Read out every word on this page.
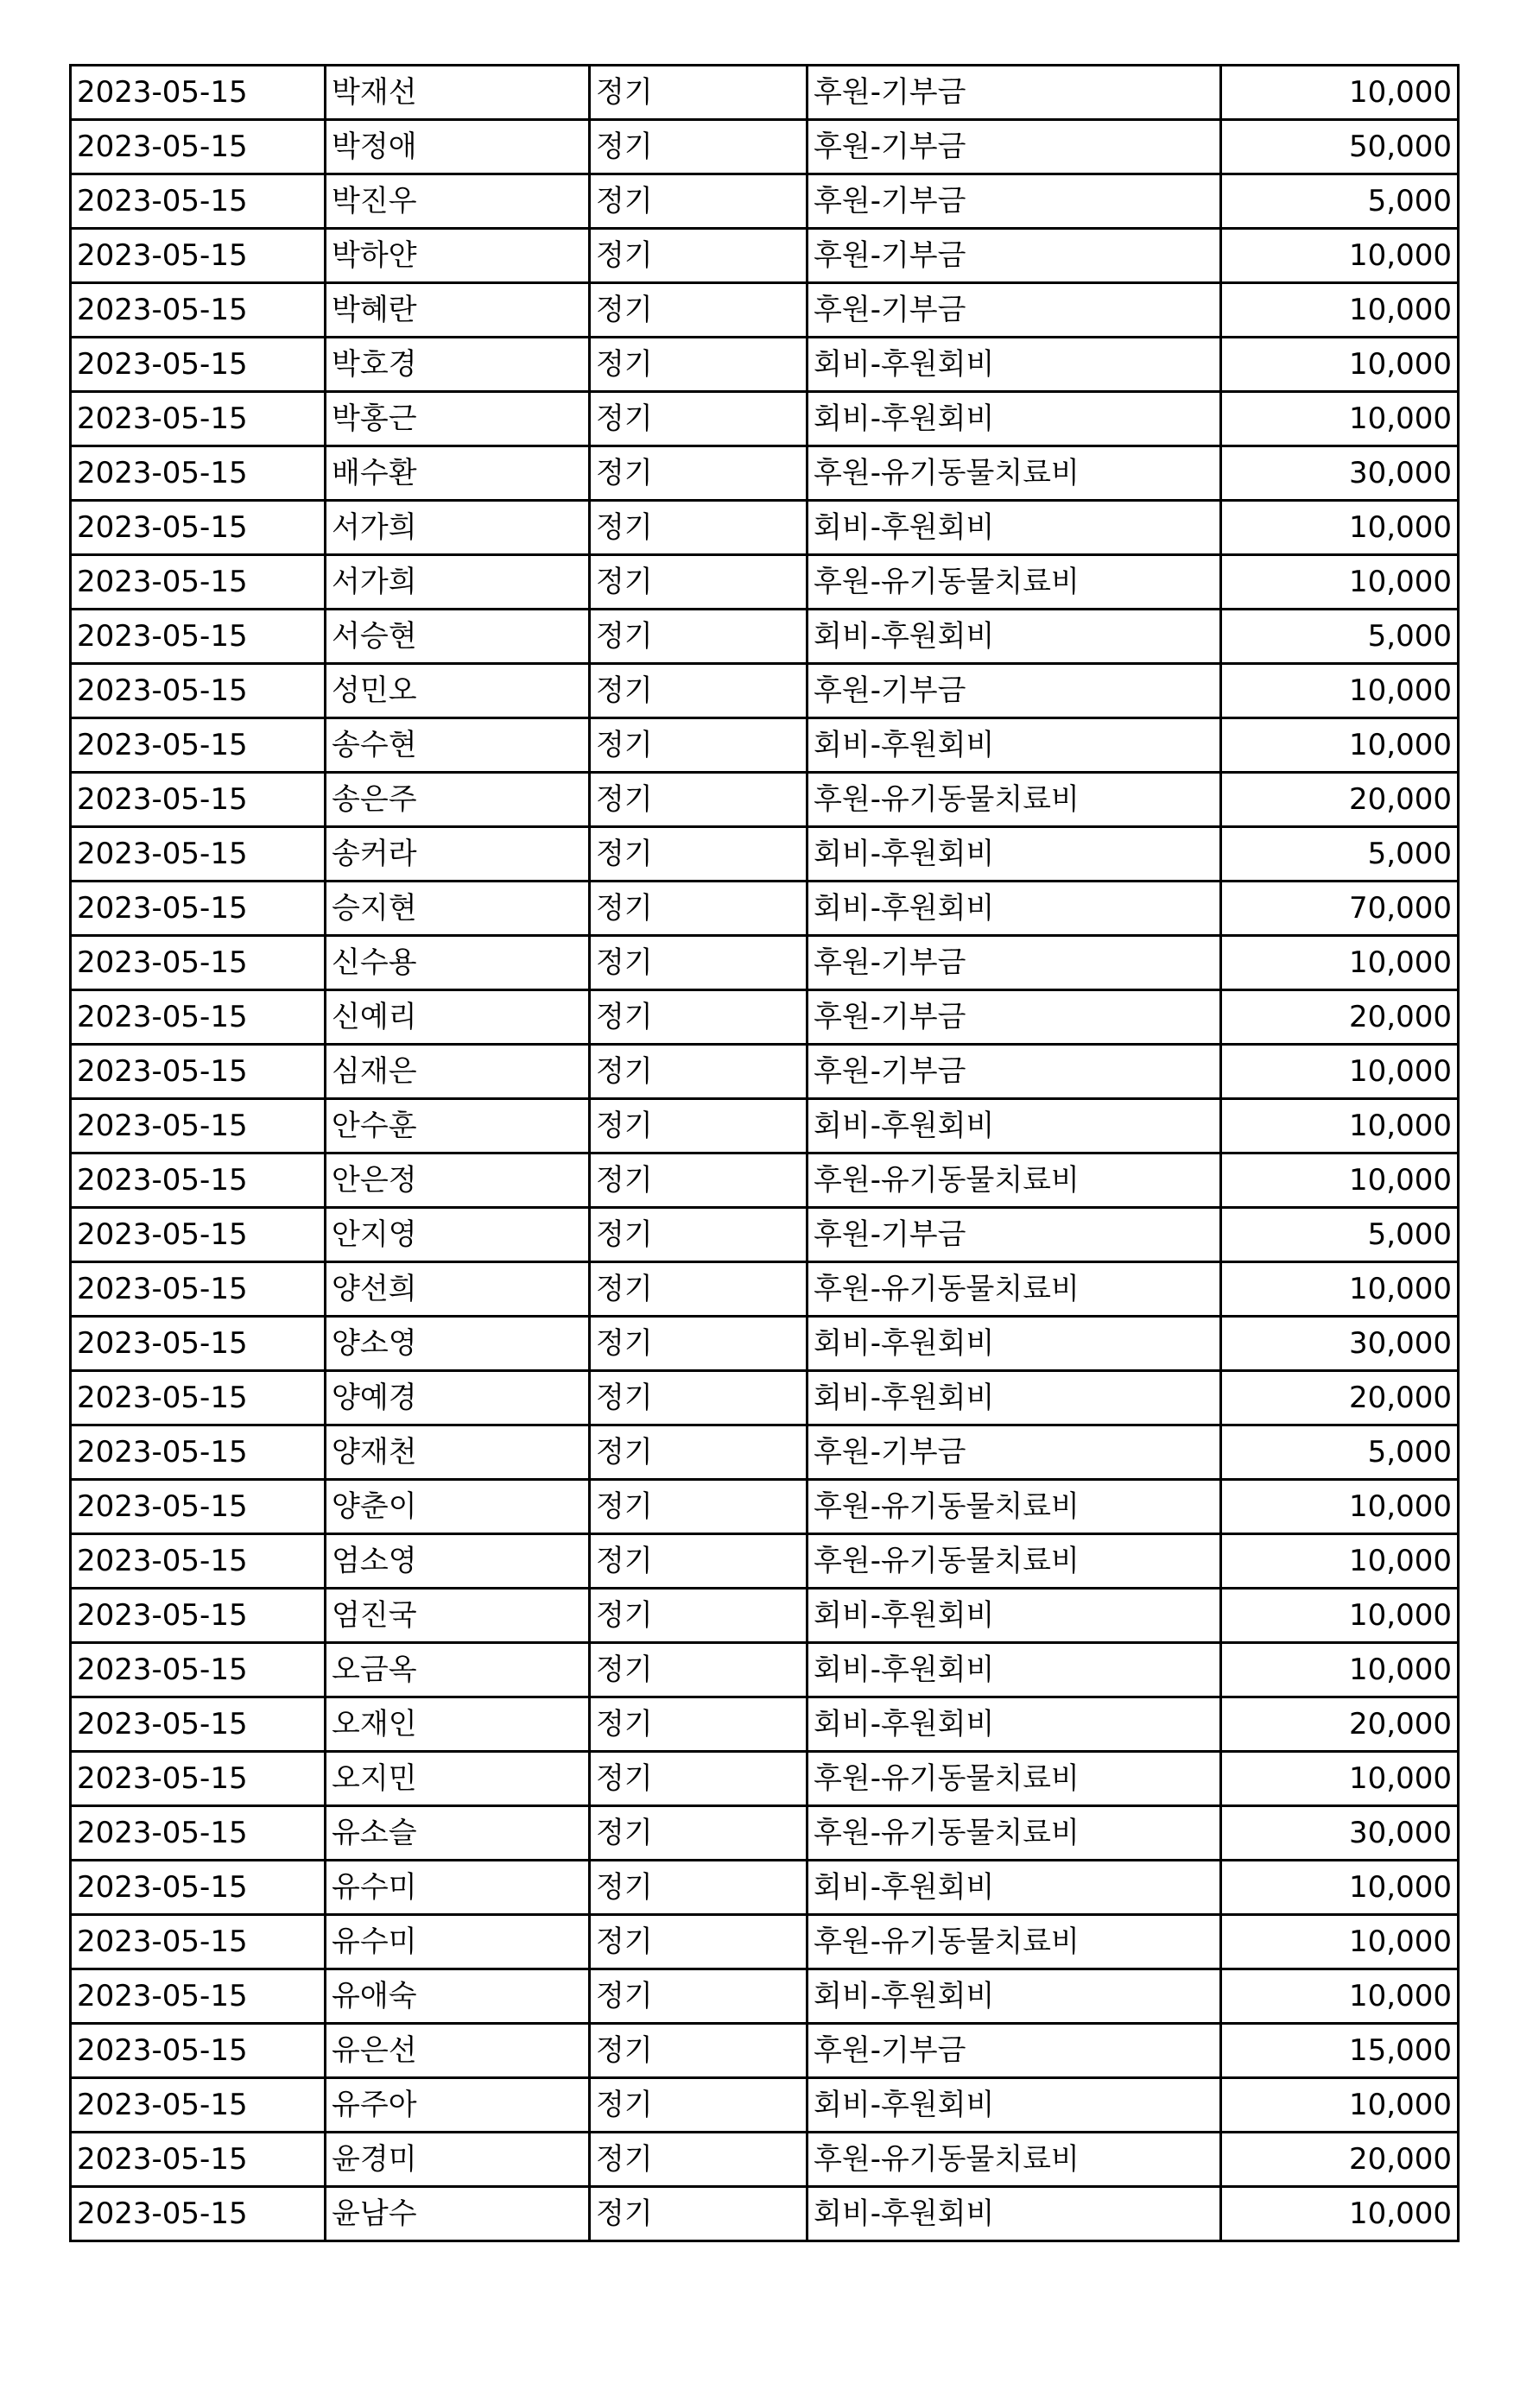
2023-05-15	박재선	정기	후원-기부금	10,000
2023-05-15	박정애	정기	후원-기부금	50,000
2023-05-15	박진우	정기	후원-기부금	5,000
2023-05-15	박하얀	정기	후원-기부금	10,000
2023-05-15	박혜란	정기	후원-기부금	10,000
2023-05-15	박호경	정기	회비-후원회비	10,000
2023-05-15	박홍근	정기	회비-후원회비	10,000
2023-05-15	배수환	정기	후원-유기동물치료비	30,000
2023-05-15	서가희	정기	회비-후원회비	10,000
2023-05-15	서가희	정기	후원-유기동물치료비	10,000
2023-05-15	서승현	정기	회비-후원회비	5,000
2023-05-15	성민오	정기	후원-기부금	10,000
2023-05-15	송수현	정기	회비-후원회비	10,000
2023-05-15	송은주	정기	후원-유기동물치료비	20,000
2023-05-15	송커라	정기	회비-후원회비	5,000
2023-05-15	승지현	정기	회비-후원회비	70,000
2023-05-15	신수용	정기	후원-기부금	10,000
2023-05-15	신예리	정기	후원-기부금	20,000
2023-05-15	심재은	정기	후원-기부금	10,000
2023-05-15	안수훈	정기	회비-후원회비	10,000
2023-05-15	안은정	정기	후원-유기동물치료비	10,000
2023-05-15	안지영	정기	후원-기부금	5,000
2023-05-15	양선희	정기	후원-유기동물치료비	10,000
2023-05-15	양소영	정기	회비-후원회비	30,000
2023-05-15	양예경	정기	회비-후원회비	20,000
2023-05-15	양재천	정기	후원-기부금	5,000
2023-05-15	양춘이	정기	후원-유기동물치료비	10,000
2023-05-15	엄소영	정기	후원-유기동물치료비	10,000
2023-05-15	엄진국	정기	회비-후원회비	10,000
2023-05-15	오금옥	정기	회비-후원회비	10,000
2023-05-15	오재인	정기	회비-후원회비	20,000
2023-05-15	오지민	정기	후원-유기동물치료비	10,000
2023-05-15	유소슬	정기	후원-유기동물치료비	30,000
2023-05-15	유수미	정기	회비-후원회비	10,000
2023-05-15	유수미	정기	후원-유기동물치료비	10,000
2023-05-15	유애숙	정기	회비-후원회비	10,000
2023-05-15	유은선	정기	후원-기부금	15,000
2023-05-15	유주아	정기	회비-후원회비	10,000
2023-05-15	윤경미	정기	후원-유기동물치료비	20,000
2023-05-15	윤남수	정기	회비-후원회비	10,000
